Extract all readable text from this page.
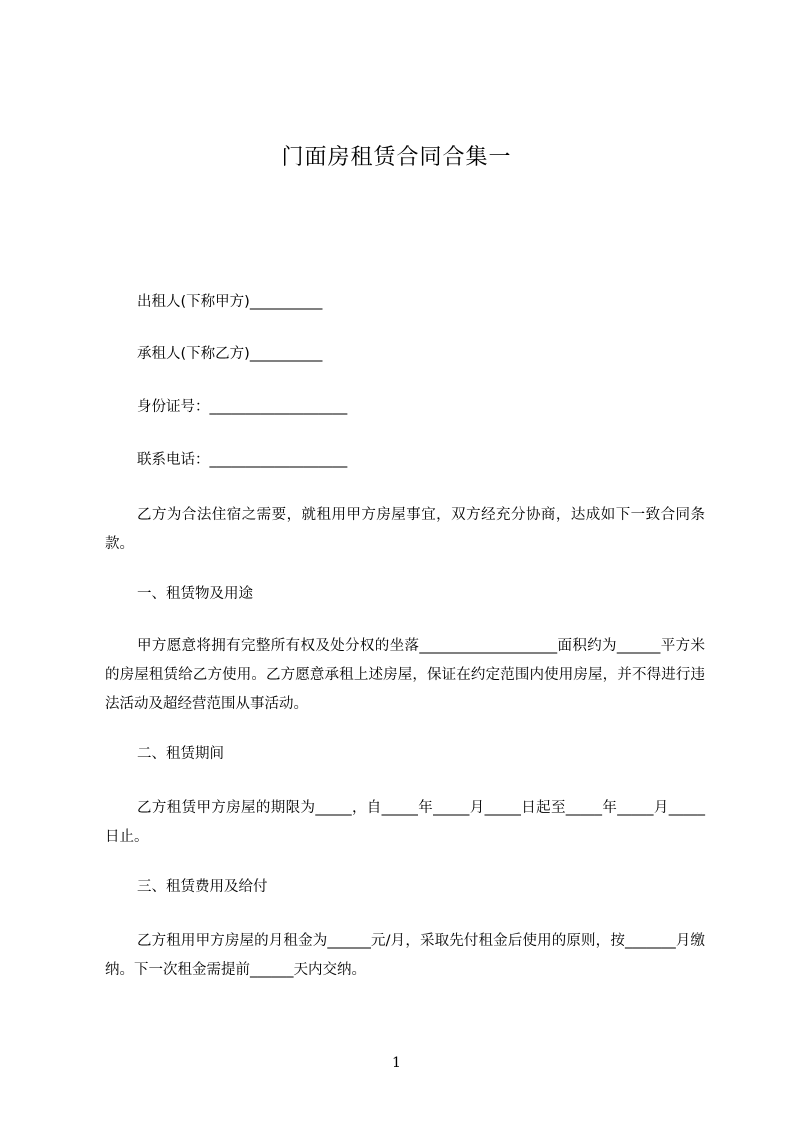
门面房租赁合同合集一

出租人(下称甲方)__________

承租人(下称乙方)__________

身份证号：___________________

联系电话：___________________

乙方为合法住宿之需要，就租用甲方房屋事宜，双方经充分协商，达成如下一致合同条款。

一、租赁物及用途

甲方愿意将拥有完整所有权及处分权的坐落___________________面积约为______平方米的房屋租赁给乙方使用。乙方愿意承租上述房屋，保证在约定范围内使用房屋，并不得进行违法活动及超经营范围从事活动。

二、租赁期间

乙方租赁甲方房屋的期限为_____，自_____年_____月_____日起至_____年_____月_____日止。

三、租赁费用及给付

乙方租用甲方房屋的月租金为______元/月，采取先付租金后使用的原则，按_______月缴纳。下一次租金需提前______天内交纳。

1
